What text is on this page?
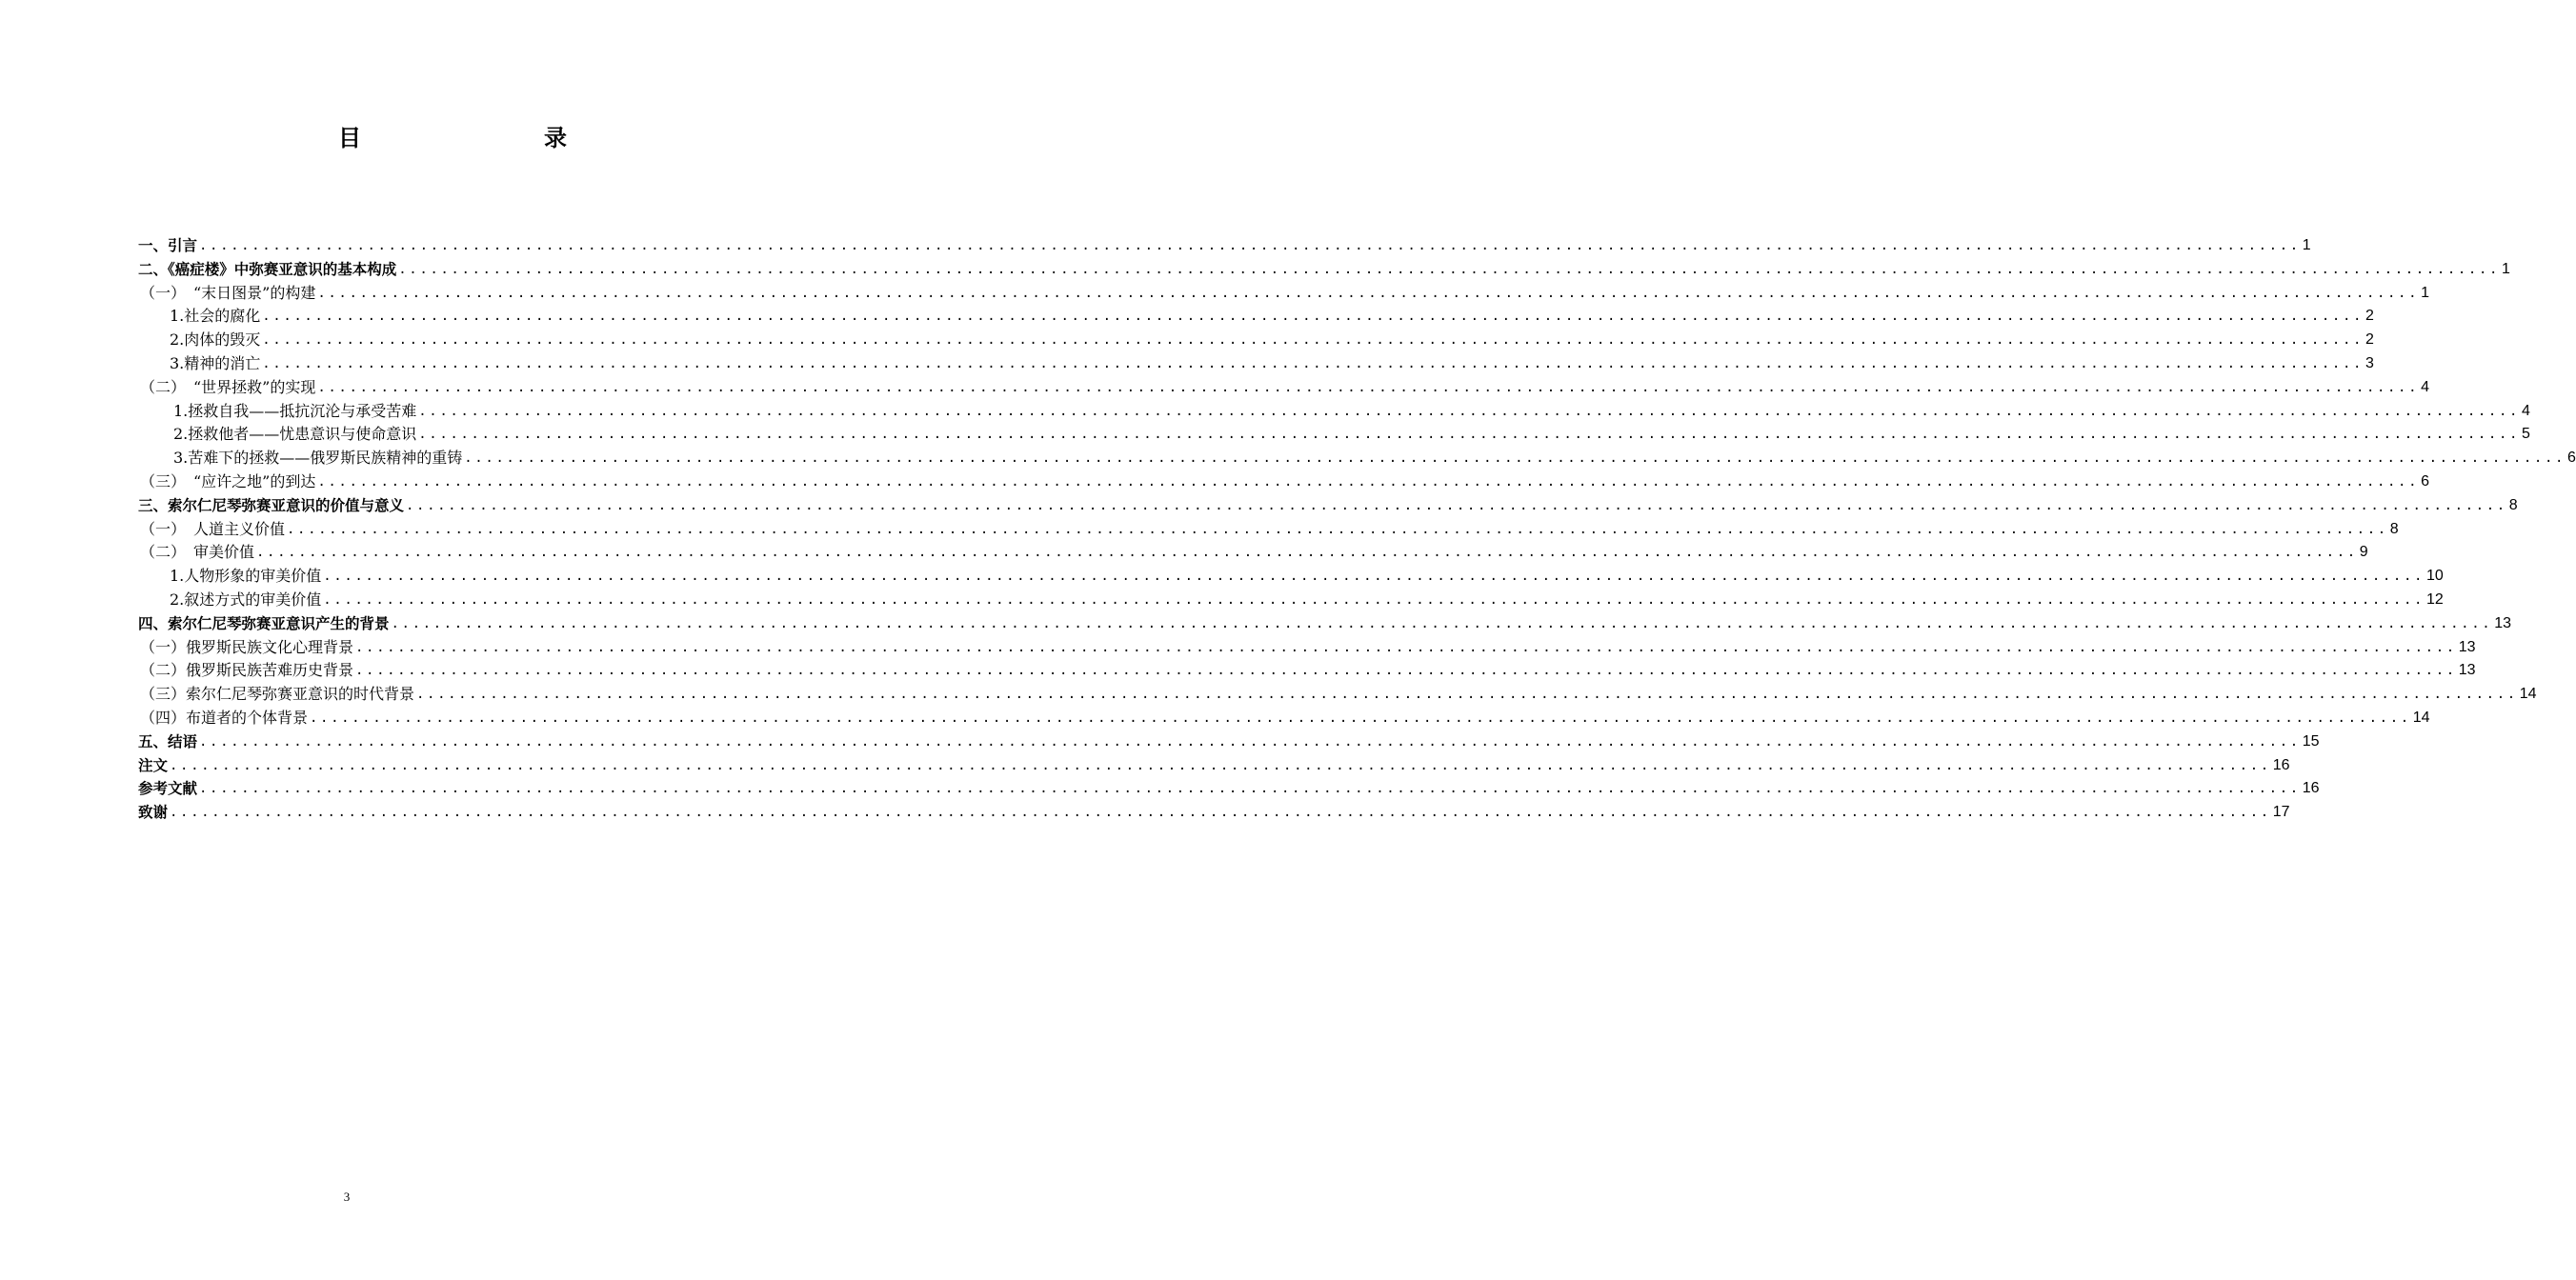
目　　录
一、引言 ........................................................................................................................................................................................................ 1
二、《癌症楼》中弥赛亚意识的基本构成 ........................................................................................................................................................................................................ 1
（一）　“末日图景”的构建 ........................................................................................................................................................................................................ 1
1.社会的腐化 ........................................................................................................................................................................................................ 2
2.肉体的毁灭 ........................................................................................................................................................................................................ 2
3.精神的消亡 ........................................................................................................................................................................................................ 3
（二）　“世界拯救”的实现 ........................................................................................................................................................................................................ 4
1.拯救自我——抵抗沉沦与承受苦难 ........................................................................................................................................................................................................ 4
2.拯救他者——忧患意识与使命意识 ........................................................................................................................................................................................................ 5
3.苦难下的拯救——俄罗斯民族精神的重铸 ........................................................................................................................................................................................................ 6
（三）　“应许之地”的到达 ........................................................................................................................................................................................................ 6
三、索尔仁尼琴弥赛亚意识的价值与意义 ........................................................................................................................................................................................................ 8
（一）　人道主义价值 ........................................................................................................................................................................................................ 8
（二）　审美价值 ........................................................................................................................................................................................................ 9
1.人物形象的审美价值 ........................................................................................................................................................................................................ 10
2.叙述方式的审美价值 ........................................................................................................................................................................................................ 12
四、索尔仁尼琴弥赛亚意识产生的背景 ........................................................................................................................................................................................................ 13
（一）俄罗斯民族文化心理背景 ........................................................................................................................................................................................................ 13
（二）俄罗斯民族苦难历史背景 ........................................................................................................................................................................................................ 13
（三）索尔仁尼琴弥赛亚意识的时代背景 ........................................................................................................................................................................................................ 14
（四）布道者的个体背景 ........................................................................................................................................................................................................ 14
五、结语 ........................................................................................................................................................................................................ 15
注文 ........................................................................................................................................................................................................ 16
参考文献 ........................................................................................................................................................................................................ 16
致谢 ........................................................................................................................................................................................................ 17
3
